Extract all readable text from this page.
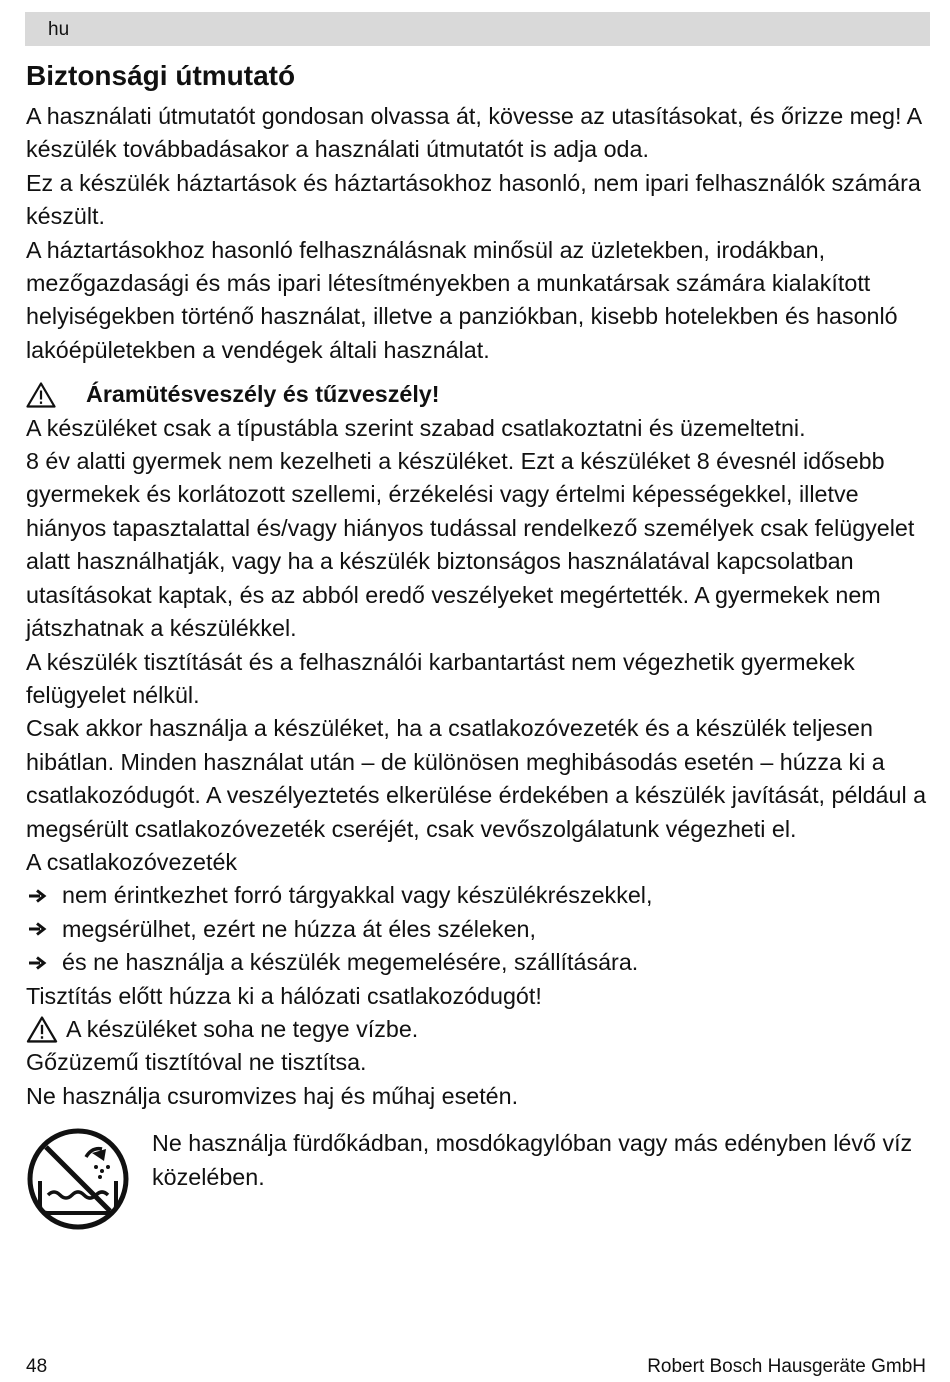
hu
Biztonsági útmutató

A használati útmutatót gondosan olvassa át, kövesse az utasításokat, és őrizze meg! A készülék továbbadásakor a használati útmutatót is adja oda.

Ez a készülék háztartások és háztartásokhoz hasonló, nem ipari felhasználók számára készült.

A háztartásokhoz hasonló felhasználásnak minősül az üzletekben, irodákban, mezőgazdasági és más ipari létesítményekben a munkatársak számára kialakított helyiségekben történő használat, illetve a panziókban, kisebb hotelekben és hasonló lakóépületekben a vendégek általi használat.

Áramütésveszély és tűzveszély!

A készüléket csak a típustábla szerint szabad csatlakoztatni és üzemeltetni.

8 év alatti gyermek nem kezelheti a készüléket. Ezt a készüléket 8 évesnél idősebb gyermekek és korlátozott szellemi, érzékelési vagy értelmi képességekkel, illetve hiányos tapasztalattal és/vagy hiányos tudással rendelkező személyek csak felügyelet alatt használhatják, vagy ha a készülék biztonságos használatával kapcsolatban utasításokat kaptak, és az abból eredő veszélyeket megértették. A gyermekek nem játszhatnak a készülékkel.

A készülék tisztítását és a felhasználói karbantartást nem végezhetik gyermekek felügyelet nélkül.

Csak akkor használja a készüléket, ha a csatlakozóvezeték és a készülék teljesen hibátlan. Minden használat után – de különösen meghibásodás esetén – húzza ki a csatlakozódugót. A veszélyeztetés elkerülése érdekében a készülék javítását, például a megsérült csatlakozóvezeték cseréjét, csak vevőszolgálatunk végezheti el.

A csatlakozóvezeték

nem érintkezhet forró tárgyakkal vagy készülékrészekkel,
megsérülhet, ezért ne húzza át éles széleken,
és ne használja a készülék megemelésére, szállítására.

Tisztítás előtt húzza ki a hálózati csatlakozódugót!

A készüléket soha ne tegye vízbe.

Gőzüzemű tisztítóval ne tisztítsa.

Ne használja csuromvizes haj és műhaj esetén.

Ne használja fürdőkádban, mosdókagylóban vagy más edényben lévő víz közelében.

48	Robert Bosch Hausgeräte GmbH
